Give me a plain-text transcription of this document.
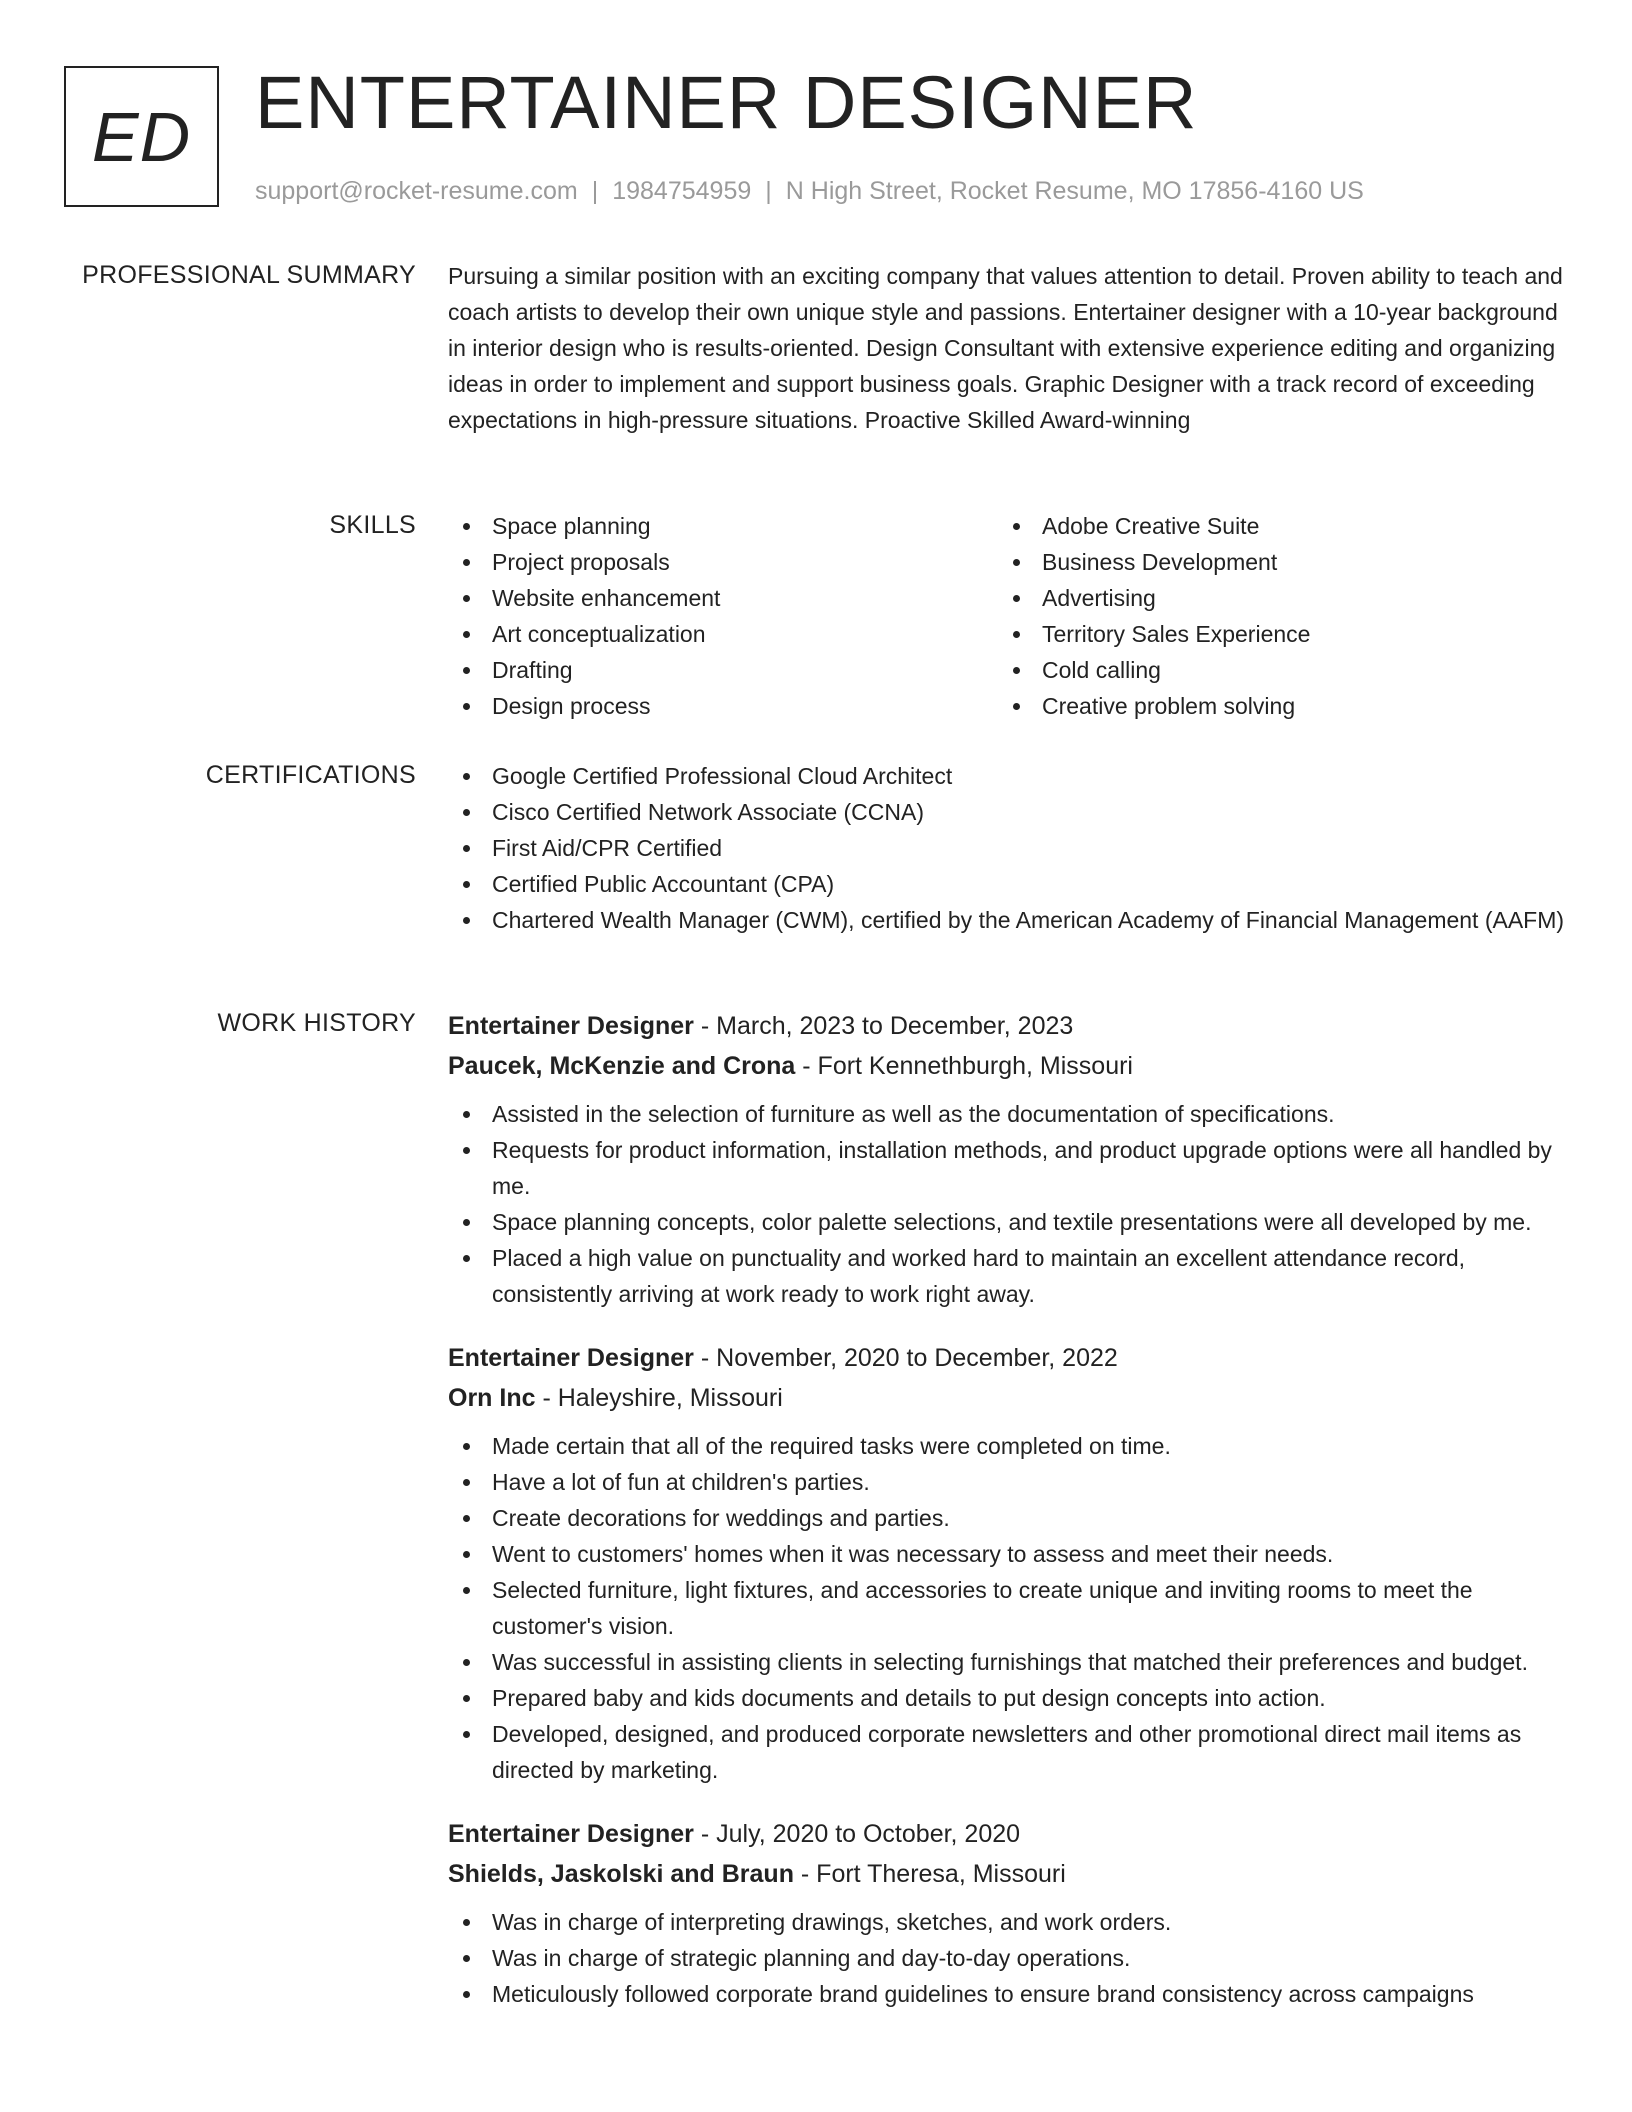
ED ENTERTAINER DESIGNER
support@rocket-resume.com | 1984754959 | N High Street, Rocket Resume, MO 17856-4160 US
PROFESSIONAL SUMMARY Pursuing a similar position with an exciting company that values attention to detail. Proven ability to teach and coach artists to develop their own unique style and passions. Entertainer designer with a 10-year background in interior design who is results-oriented. Design Consultant with extensive experience editing and organizing ideas in order to implement and support business goals. Graphic Designer with a track record of exceeding expectations in high-pressure situations. Proactive Skilled Award-winning

SKILLS	Space planning
Project proposals
Website enhancement
Art conceptualization
Drafting
Design process
Adobe Creative Suite
Business Development
Advertising
Territory Sales Experience
Cold calling
Creative problem solving
CERTIFICATIONS	Google Certified Professional Cloud Architect
Cisco Certified Network Associate (CCNA)
First Aid/CPR Certified
Certified Public Accountant (CPA)
Chartered Wealth Manager (CWM), certified by the American Academy of Financial Management (AAFM)
WORK HISTORY Entertainer Designer - March, 2023 to December, 2023
Paucek, McKenzie and Crona - Fort Kennethburgh, Missouri
Assisted in the selection of furniture as well as the documentation of specifications.
Requests for product information, installation methods, and product upgrade options were all handled by me.
Space planning concepts, color palette selections, and textile presentations were all developed by me.
Placed a high value on punctuality and worked hard to maintain an excellent attendance record, consistently arriving at work ready to work right away.
Entertainer Designer - November, 2020 to December, 2022
Orn Inc - Haleyshire, Missouri
Made certain that all of the required tasks were completed on time.
Have a lot of fun at children's parties.
Create decorations for weddings and parties.
Went to customers' homes when it was necessary to assess and meet their needs.
Selected furniture, light fixtures, and accessories to create unique and inviting rooms to meet the customer's vision.
Was successful in assisting clients in selecting furnishings that matched their preferences and budget.
Prepared baby and kids documents and details to put design concepts into action.
Developed, designed, and produced corporate newsletters and other promotional direct mail items as directed by marketing.
Entertainer Designer - July, 2020 to October, 2020
Shields, Jaskolski and Braun - Fort Theresa, Missouri
Was in charge of interpreting drawings, sketches, and work orders.
Was in charge of strategic planning and day-to-day operations.
Meticulously followed corporate brand guidelines to ensure brand consistency across campaigns
